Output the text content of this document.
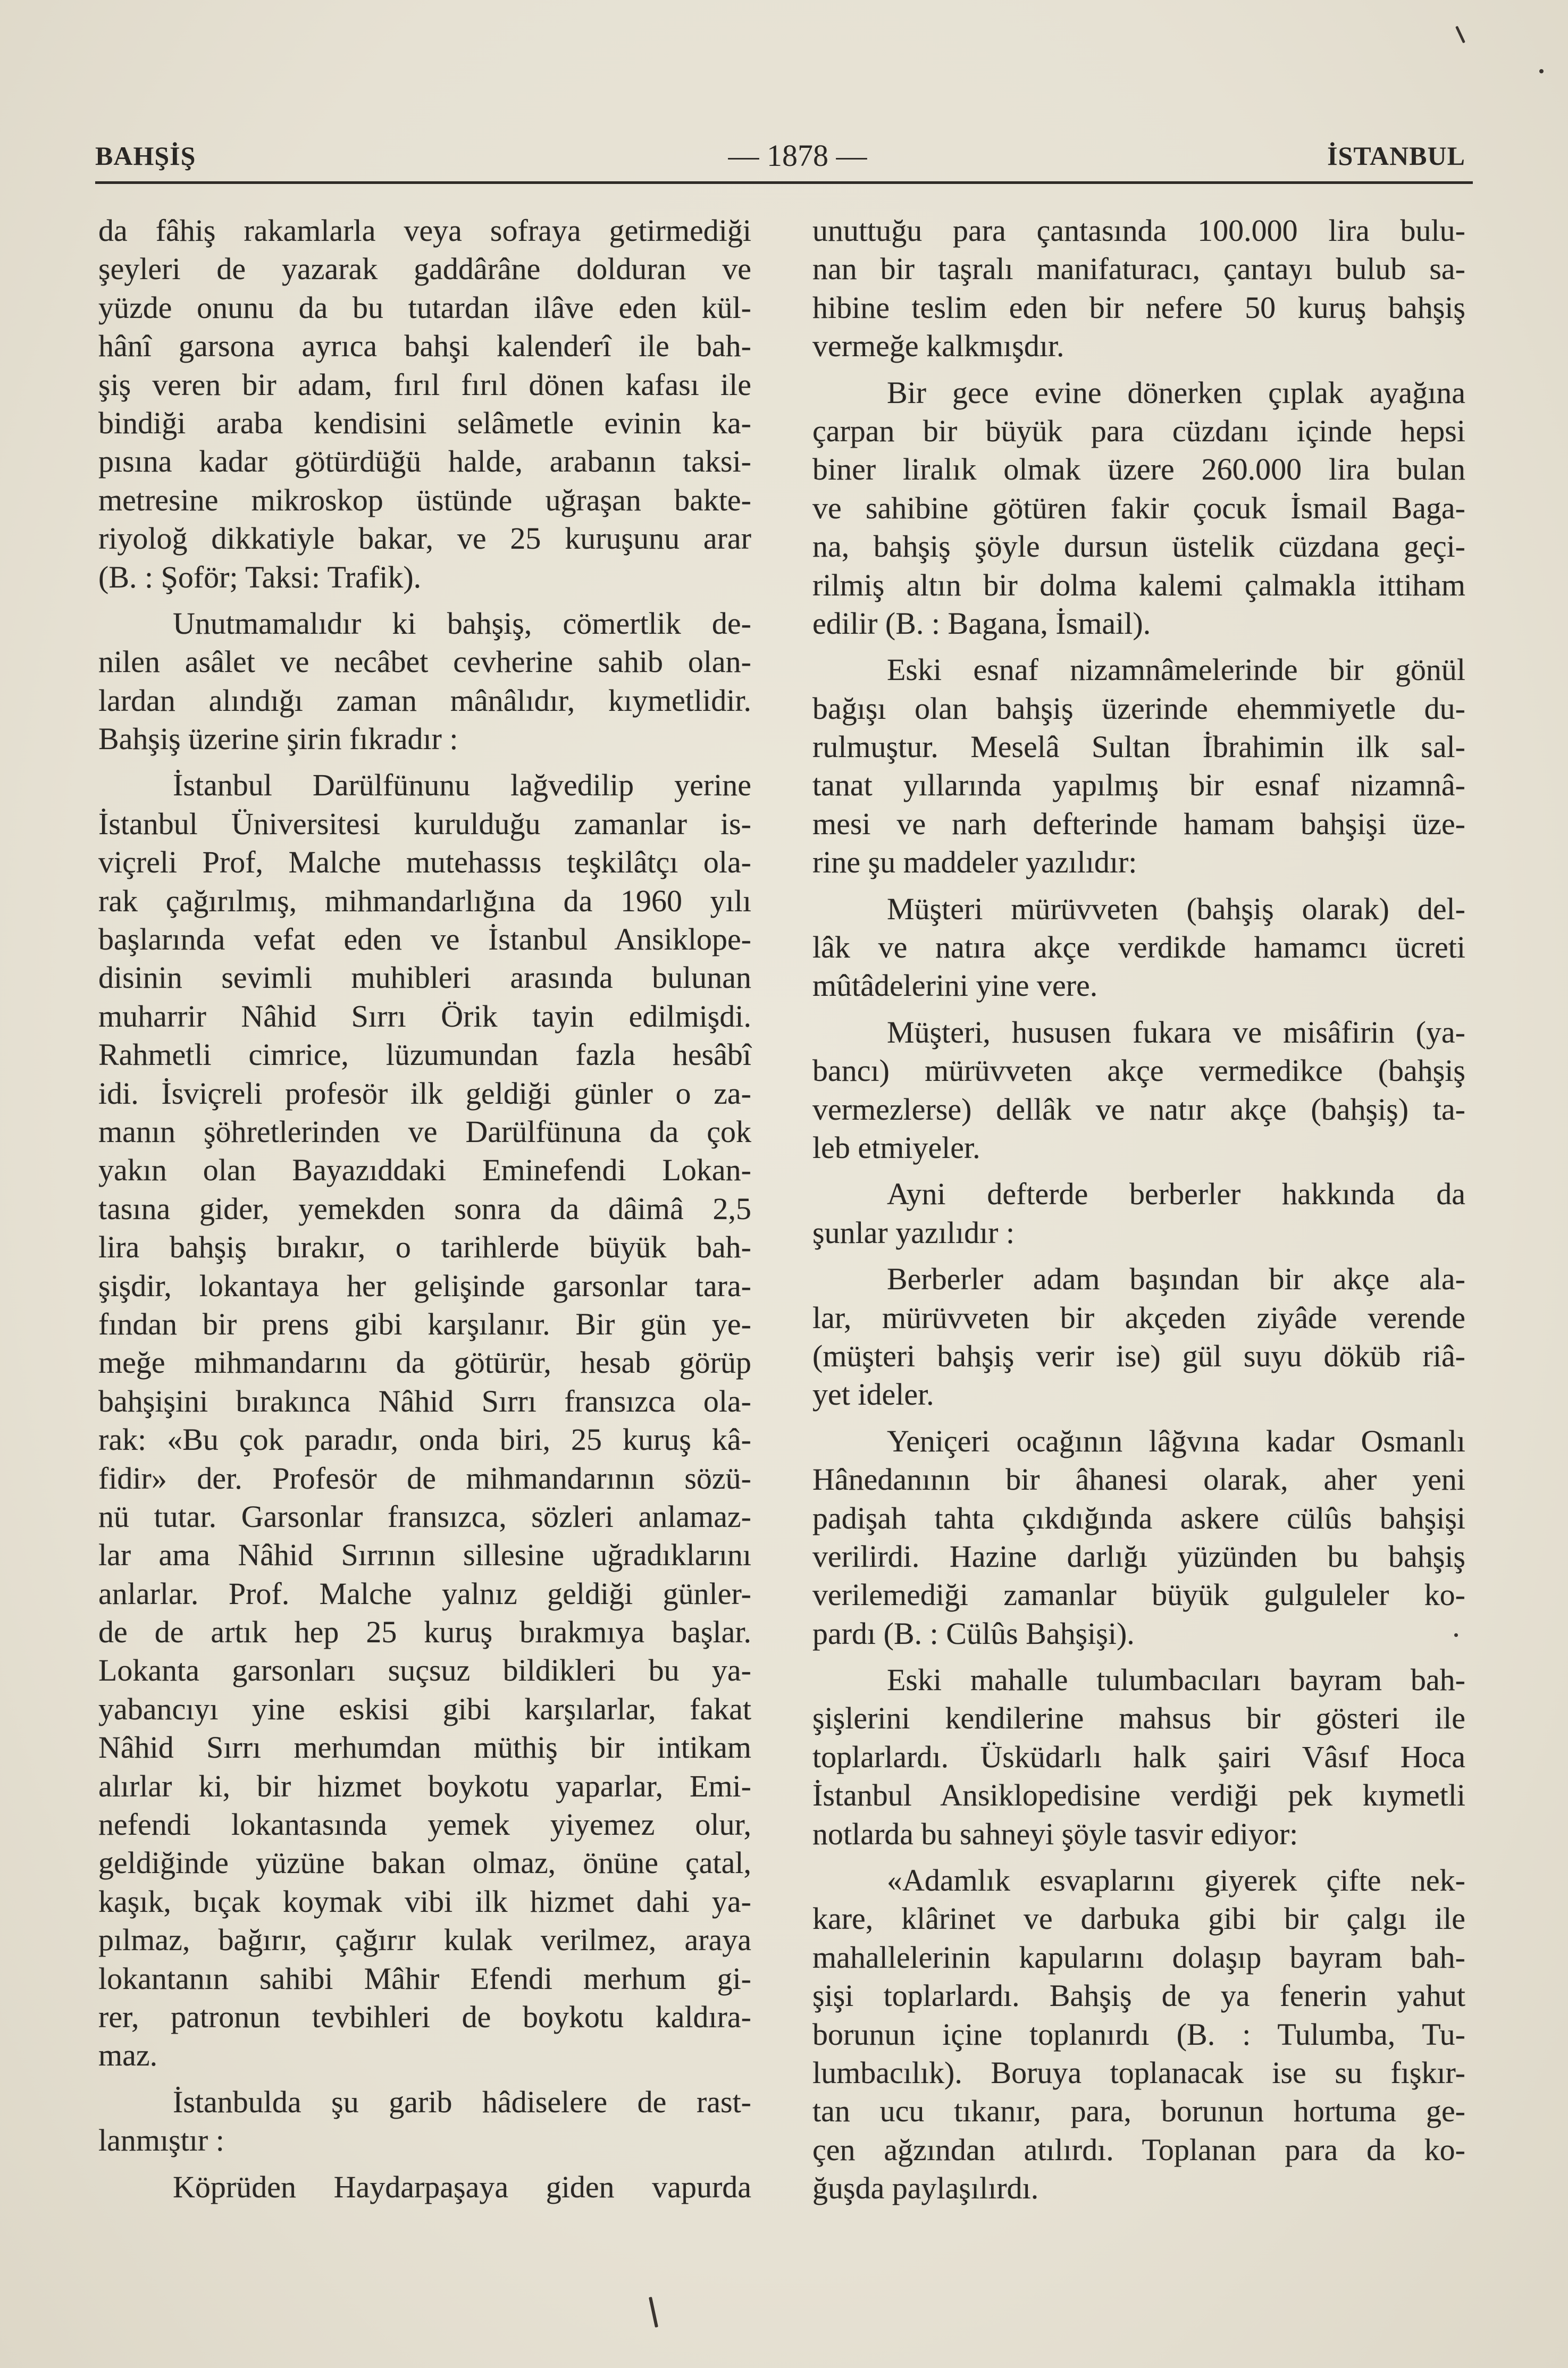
BAHŞİŞ	— 1878 —	İSTANBUL
da fâhiş rakamlarla veya sofraya getirmediği
şeyleri de yazarak gaddârâne dolduran ve
yüzde onunu da bu tutardan ilâve eden kül-
hânî garsona ayrıca bahşi kalenderî ile bah-
şiş veren bir adam, fırıl fırıl dönen kafası ile
bindiği araba kendisini selâmetle evinin ka-
pısına kadar götürdüğü halde, arabanın taksi-
metresine mikroskop üstünde uğraşan bakte-
riyoloğ dikkatiyle bakar, ve 25 kuruşunu arar
(B. : Şoför; Taksi: Trafik).
Unutmamalıdır ki bahşiş, cömertlik de-
nilen asâlet ve necâbet cevherine sahib olan-
lardan alındığı zaman mânâlıdır, kıymetlidir.
Bahşiş üzerine şirin fıkradır :
İstanbul Darülfünunu lağvedilip yerine
İstanbul Üniversitesi kurulduğu zamanlar is-
viçreli Prof, Malche mutehassıs teşkilâtçı ola-
rak çağırılmış, mihmandarlığına da 1960 yılı
başlarında vefat eden ve İstanbul Ansiklope-
disinin sevimli muhibleri arasında bulunan
muharrir Nâhid Sırrı Örik tayin edilmişdi.
Rahmetli cimrice, lüzumundan fazla hesâbî
idi. İsviçreli profesör ilk geldiği günler o za-
manın şöhretlerinden ve Darülfünuna da çok
yakın olan Bayazıddaki Eminefendi Lokan-
tasına gider, yemekden sonra da dâimâ 2,5
lira bahşiş bırakır, o tarihlerde büyük bah-
şişdir, lokantaya her gelişinde garsonlar tara-
fından bir prens gibi karşılanır. Bir gün ye-
meğe mihmandarını da götürür, hesab görüp
bahşişini bırakınca Nâhid Sırrı fransızca ola-
rak: «Bu çok paradır, onda biri, 25 kuruş kâ-
fidir» der. Profesör de mihmandarının sözü-
nü tutar. Garsonlar fransızca, sözleri anlamaz-
lar ama Nâhid Sırrının sillesine uğradıklarını
anlarlar. Prof. Malche yalnız geldiği günler-
de de artık hep 25 kuruş bırakmıya başlar.
Lokanta garsonları suçsuz bildikleri bu ya-
yabancıyı yine eskisi gibi karşılarlar, fakat
Nâhid Sırrı merhumdan müthiş bir intikam
alırlar ki, bir hizmet boykotu yaparlar, Emi-
nefendi lokantasında yemek yiyemez olur,
geldiğinde yüzüne bakan olmaz, önüne çatal,
kaşık, bıçak koymak vibi ilk hizmet dahi ya-
pılmaz, bağırır, çağırır kulak verilmez, araya
lokantanın sahibi Mâhir Efendi merhum gi-
rer, patronun tevbihleri de boykotu kaldıra-
maz.
İstanbulda şu garib hâdiselere de rast-
lanmıştır :
Köprüden Haydarpaşaya giden vapurda
unuttuğu para çantasında 100.000 lira bulu-
nan bir taşralı manifaturacı, çantayı bulub sa-
hibine teslim eden bir nefere 50 kuruş bahşiş
vermeğe kalkmışdır.
Bir gece evine dönerken çıplak ayağına
çarpan bir büyük para cüzdanı içinde hepsi
biner liralık olmak üzere 260.000 lira bulan
ve sahibine götüren fakir çocuk İsmail Baga-
na, bahşiş şöyle dursun üstelik cüzdana geçi-
rilmiş altın bir dolma kalemi çalmakla ittiham
edilir (B. : Bagana, İsmail).
Eski esnaf nizamnâmelerinde bir gönül
bağışı olan bahşiş üzerinde ehemmiyetle du-
rulmuştur. Meselâ Sultan İbrahimin ilk sal-
tanat yıllarında yapılmış bir esnaf nizamnâ-
mesi ve narh defterinde hamam bahşişi üze-
rine şu maddeler yazılıdır:
Müşteri mürüvveten (bahşiş olarak) del-
lâk ve natıra akçe verdikde hamamcı ücreti
mûtâdelerini yine vere.
Müşteri, hususen fukara ve misâfirin (ya-
bancı) mürüvveten akçe vermedikce (bahşiş
vermezlerse) dellâk ve natır akçe (bahşiş) ta-
leb etmiyeler.
Ayni defterde berberler hakkında da
şunlar yazılıdır :
Berberler adam başından bir akçe ala-
lar, mürüvveten bir akçeden ziyâde verende
(müşteri bahşiş verir ise) gül suyu döküb riâ-
yet ideler.
Yeniçeri ocağının lâğvına kadar Osmanlı
Hânedanının bir âhanesi olarak, aher yeni
padişah tahta çıkdığında askere cülûs bahşişi
verilirdi. Hazine darlığı yüzünden bu bahşiş
verilemediği zamanlar büyük gulguleler ko-
pardı (B. : Cülûs Bahşişi).
Eski mahalle tulumbacıları bayram bah-
şişlerini kendilerine mahsus bir gösteri ile
toplarlardı. Üsküdarlı halk şairi Vâsıf Hoca
İstanbul Ansiklopedisine verdiği pek kıymetli
notlarda bu sahneyi şöyle tasvir ediyor:
«Adamlık esvaplarını giyerek çifte nek-
kare, klârinet ve darbuka gibi bir çalgı ile
mahallelerinin kapularını dolaşıp bayram bah-
şişi toplarlardı. Bahşiş de ya fenerin yahut
borunun içine toplanırdı (B. : Tulumba, Tu-
lumbacılık). Boruya toplanacak ise su fışkır-
tan ucu tıkanır, para, borunun hortuma ge-
çen ağzından atılırdı. Toplanan para da ko-
ğuşda paylaşılırdı.
